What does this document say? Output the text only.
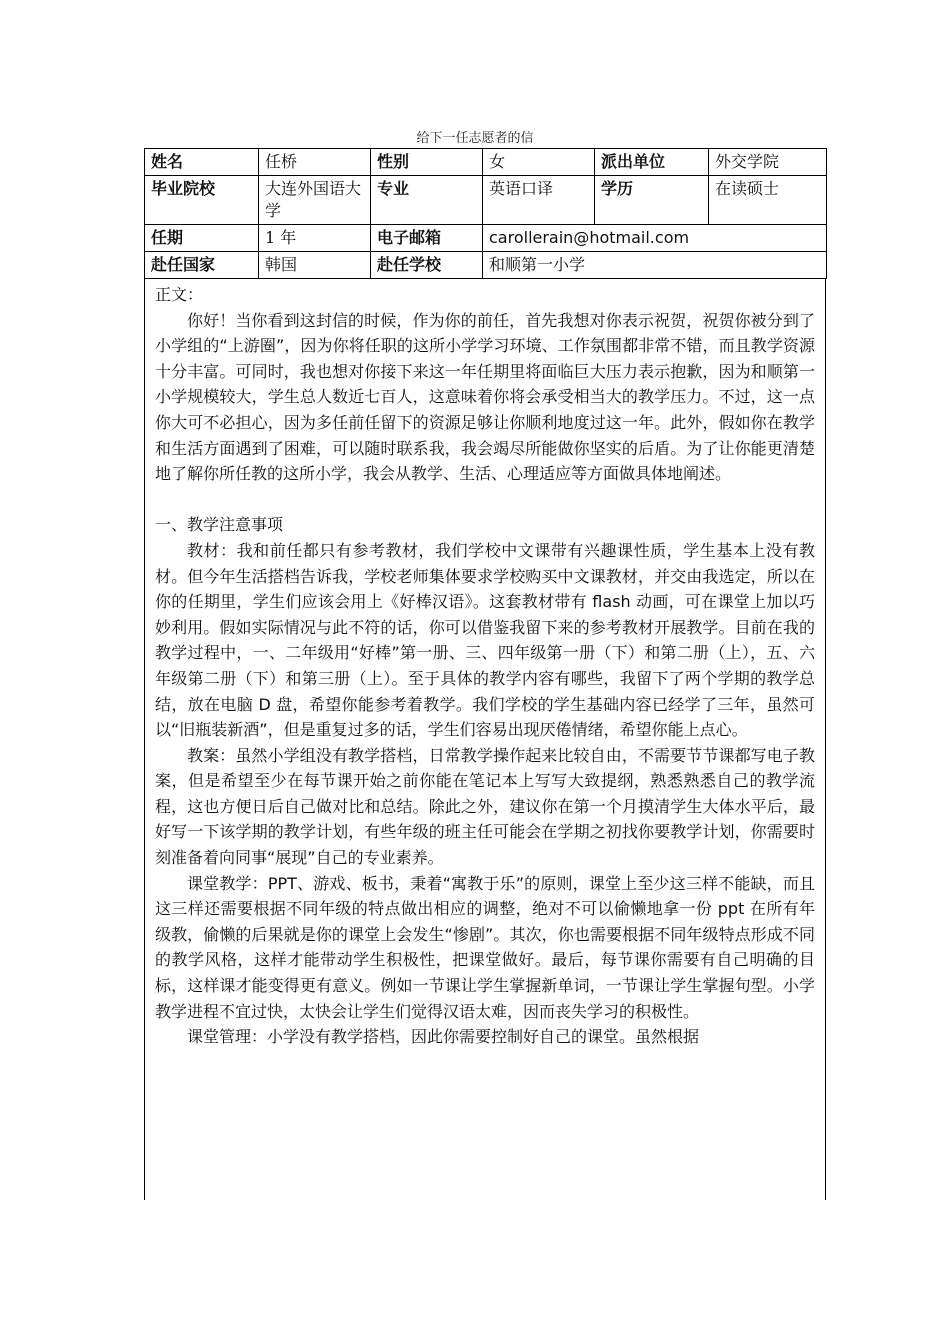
给下一任志愿者的信
姓名	任桥	性别	女	派出单位	外交学院
毕业院校	大连外国语大学	专业	英语口译	学历	在读硕士
任期	1 年	电子邮箱	carollerain@hotmail.com		
赴任国家	韩国	赴任学校	和顺第一小学		

正文：

你好！当你看到这封信的时候，作为你的前任，首先我想对你表示祝贺，祝贺你被分到了小学组的“上游圈”，因为你将任职的这所小学学习环境、工作氛围都非常不错，而且教学资源十分丰富。可同时，我也想对你接下来这一年任期里将面临巨大压力表示抱歉，因为和顺第一小学规模较大，学生总人数近七百人，这意味着你将会承受相当大的教学压力。不过，这一点你大可不必担心，因为多任前任留下的资源足够让你顺利地度过这一年。此外，假如你在教学和生活方面遇到了困难，可以随时联系我，我会竭尽所能做你坚实的后盾。为了让你能更清楚地了解你所任教的这所小学，我会从教学、生活、心理适应等方面做具体地阐述。

一、教学注意事项

教材：我和前任都只有参考教材，我们学校中文课带有兴趣课性质，学生基本上没有教材。但今年生活搭档告诉我，学校老师集体要求学校购买中文课教材，并交由我选定，所以在你的任期里，学生们应该会用上《好棒汉语》。这套教材带有 flash 动画，可在课堂上加以巧妙利用。假如实际情况与此不符的话，你可以借鉴我留下来的参考教材开展教学。目前在我的教学过程中，一、二年级用“好棒”第一册、三、四年级第一册（下）和第二册（上），五、六年级第二册（下）和第三册（上）。至于具体的教学内容有哪些，我留下了两个学期的教学总结，放在电脑 D 盘，希望你能参考着教学。我们学校的学生基础内容已经学了三年，虽然可以“旧瓶装新酒”，但是重复过多的话，学生们容易出现厌倦情绪，希望你能上点心。

教案：虽然小学组没有教学搭档，日常教学操作起来比较自由，不需要节节课都写电子教案，但是希望至少在每节课开始之前你能在笔记本上写写大致提纲，熟悉熟悉自己的教学流程，这也方便日后自己做对比和总结。除此之外，建议你在第一个月摸清学生大体水平后，最好写一下该学期的教学计划，有些年级的班主任可能会在学期之初找你要教学计划，你需要时刻准备着向同事“展现”自己的专业素养。

课堂教学：PPT、游戏、板书，秉着“寓教于乐”的原则，课堂上至少这三样不能缺，而且这三样还需要根据不同年级的特点做出相应的调整，绝对不可以偷懒地拿一份 ppt 在所有年级教，偷懒的后果就是你的课堂上会发生“惨剧”。其次，你也需要根据不同年级特点形成不同的教学风格，这样才能带动学生积极性，把课堂做好。最后，每节课你需要有自己明确的目标，这样课才能变得更有意义。例如一节课让学生掌握新单词，一节课让学生掌握句型。小学教学进程不宜过快，太快会让学生们觉得汉语太难，因而丧失学习的积极性。

课堂管理：小学没有教学搭档，因此你需要控制好自己的课堂。虽然根据
